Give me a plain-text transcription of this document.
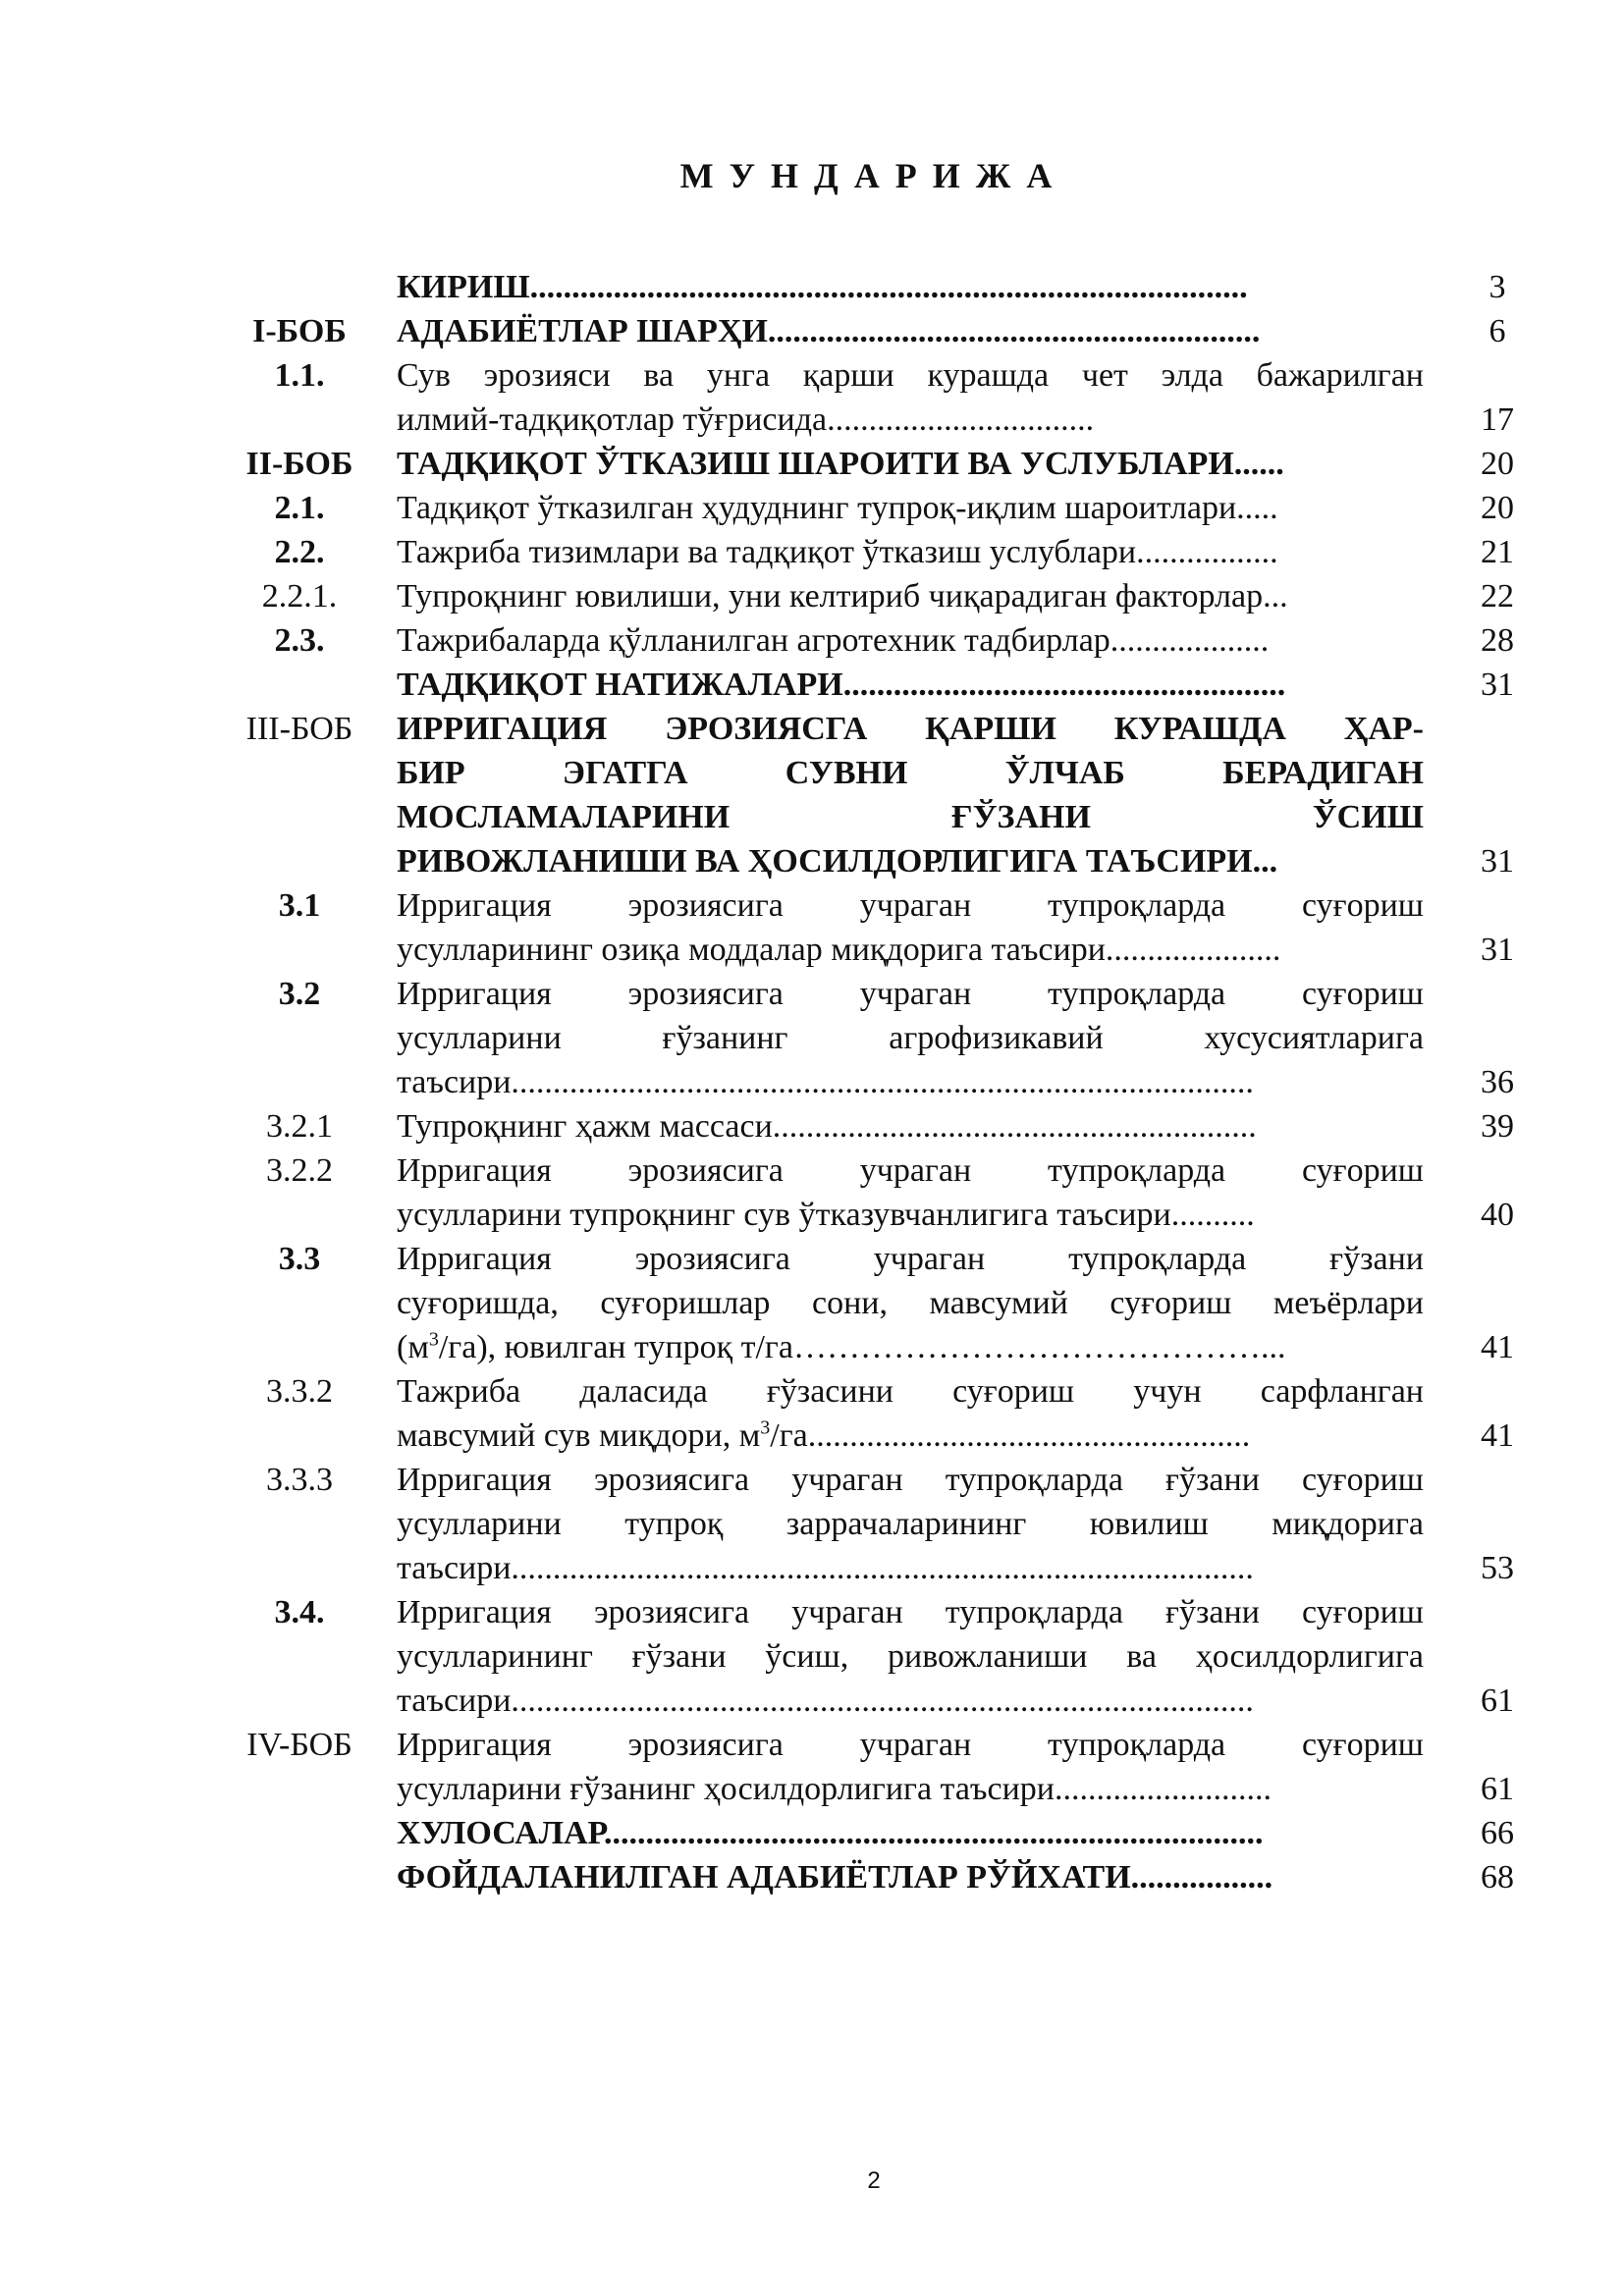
МУНДАРИЖА
КИРИШ......................................................................................	3
I-БОБ	АДАБИЁТЛАР ШАРҲИ...........................................................	6
1.1.	Сув эрозияси ва унга қарши курашда чет элда бажарилган
илмий-тадқиқотлар тўғрисида................................	17
II-БОБ	ТАДҚИҚОТ ЎТКАЗИШ ШАРОИТИ ВА УСЛУБЛАРИ......	20
2.1.	Тадқиқот ўтказилган ҳудуднинг тупроқ-иқлим шароитлари.....	20
2.2.	Тажриба тизимлари ва тадқиқот ўтказиш услублари.................	21
2.2.1.	Тупроқнинг ювилиши, уни келтириб чиқарадиган факторлар...	22
2.3.	Тажрибаларда қўлланилган агротехник тадбирлар...................	28
ТАДҚИҚОТ НАТИЖАЛАРИ.....................................................	31
III-БОБ	ИРРИГАЦИЯ ЭРОЗИЯСГА ҚАРШИ КУРАШДА ҲАР-
БИР ЭГАТГА СУВНИ ЎЛЧАБ БЕРАДИГАН
МОСЛАМАЛАРИНИ ҒЎЗАНИ ЎСИШ
РИВОЖЛАНИШИ ВА ҲОСИЛДОРЛИГИГА ТАЪСИРИ...	31
3.1	Ирригация эрозиясига учраган тупроқларда суғориш
усулларининг озиқа моддалар миқдорига таъсири.....................	31
3.2	Ирригация эрозиясига учраган тупроқларда суғориш
усулларини ғўзанинг агрофизикавий хусусиятларига
таъсири.........................................................................................	36
3.2.1	Тупроқнинг ҳажм массаси..........................................................	39
3.2.2	Ирригация эрозиясига учраган тупроқларда суғориш
усулларини тупроқнинг сув ўтказувчанлигига таъсири..........	40
3.3	Ирригация эрозиясига учраган тупроқларда ғўзани
суғоришда, суғоришлар сони, мавсумий суғориш меъёрлари
$(м^3/га)$, ювилган тупроқ т/га……………………………………...	41
3.3.2	Тажриба даласида ғўзасини суғориш учун сарфланган
мавсумий сув миқдори, $м^3/га$.....................................................	41
3.3.3	Ирригация эрозиясига учраган тупроқларда ғўзани суғориш
усулларини тупроқ заррачаларининг ювилиш миқдорига
таъсири.........................................................................................	53
3.4.	Ирригация эрозиясига учраган тупроқларда ғўзани суғориш
усулларининг ғўзани ўсиш, ривожланиши ва ҳосилдорлигига
таъсири.........................................................................................	61
IV-БОБ	Ирригация эрозиясига учраган тупроқларда суғориш
усулларини ғўзанинг ҳосилдорлигига таъсири..........................	61
ХУЛОСАЛАР...............................................................................	66
ФОЙДАЛАНИЛГАН АДАБИЁТЛАР РЎЙХАТИ.................	68
2
